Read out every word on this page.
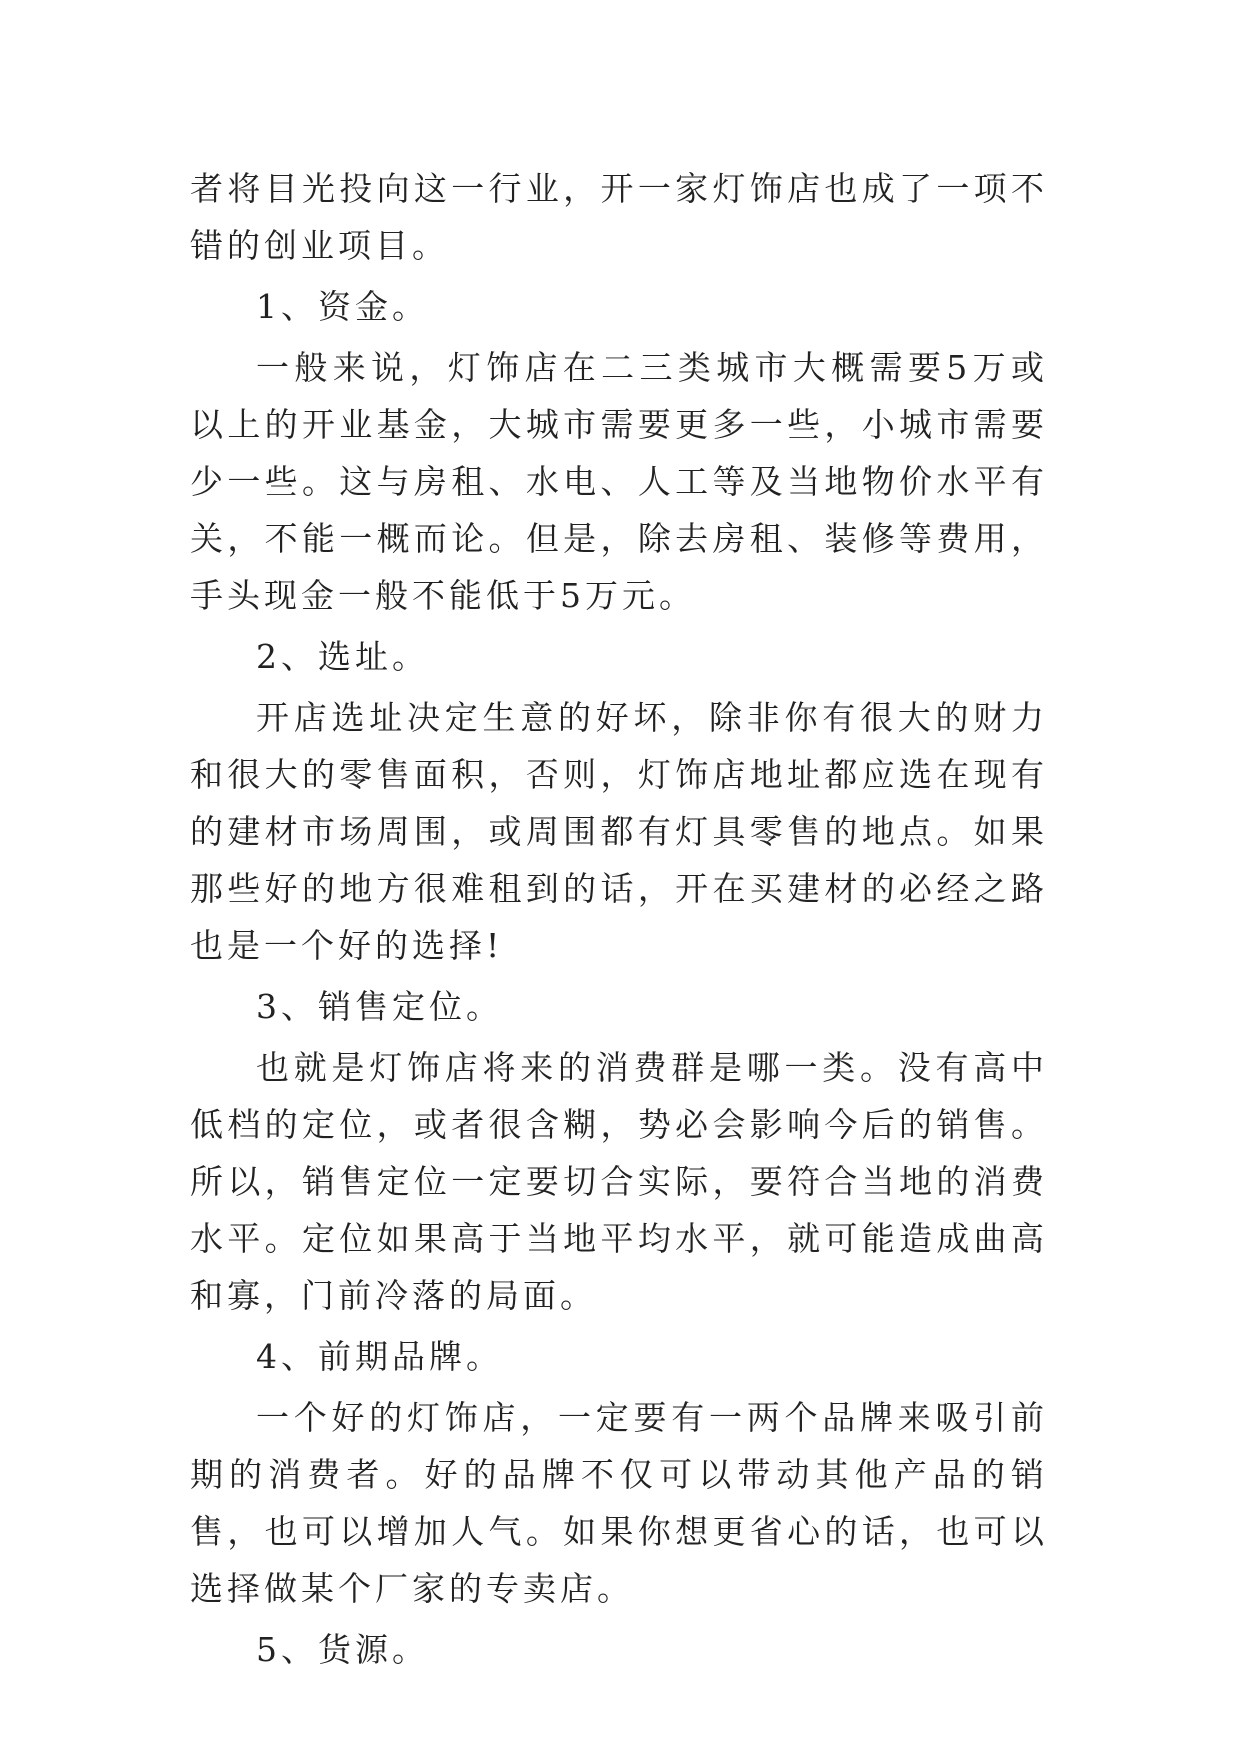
者将目光投向这一行业，开一家灯饰店也成了一项不错的创业项目。

1、资金。

一般来说，灯饰店在二三类城市大概需要5万或以上的开业基金，大城市需要更多一些，小城市需要少一些。这与房租、水电、人工等及当地物价水平有关，不能一概而论。但是，除去房租、装修等费用，手头现金一般不能低于5万元。

2、选址。

开店选址决定生意的好坏，除非你有很大的财力和很大的零售面积，否则，灯饰店地址都应选在现有的建材市场周围，或周围都有灯具零售的地点。如果那些好的地方很难租到的话，开在买建材的必经之路也是一个好的选择!

3、销售定位。

也就是灯饰店将来的消费群是哪一类。没有高中低档的定位，或者很含糊，势必会影响今后的销售。所以，销售定位一定要切合实际，要符合当地的消费水平。定位如果高于当地平均水平，就可能造成曲高和寡，门前冷落的局面。

4、前期品牌。

一个好的灯饰店，一定要有一两个品牌来吸引前期的消费者。好的品牌不仅可以带动其他产品的销售，也可以增加人气。如果你想更省心的话，也可以选择做某个厂家的专卖店。

5、货源。
